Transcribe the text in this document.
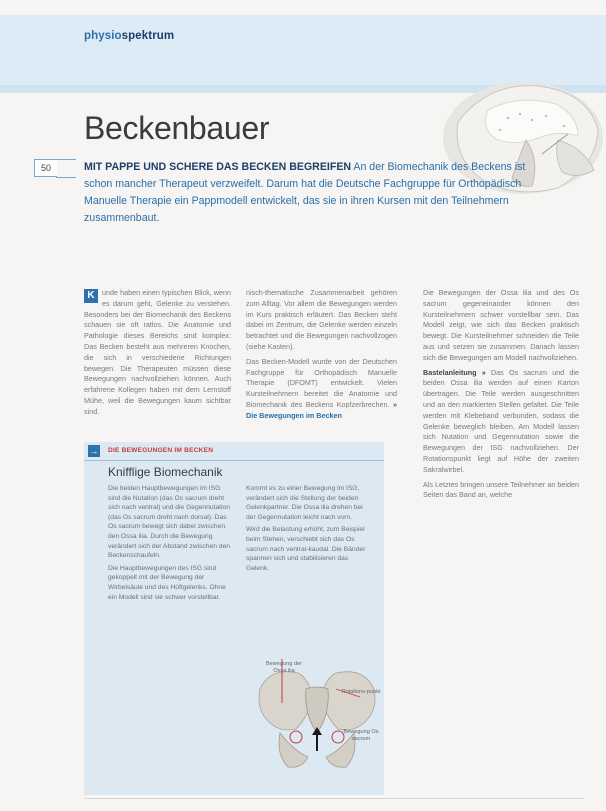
physiospektrum
Beckenbauer
50	MIT PAPPE UND SCHERE DAS BECKEN BEGREIFEN An der Biomechanik des Beckens ist schon mancher Therapeut verzweifelt. Darum hat die Deutsche Fachgruppe für Orthopädisch Manuelle Therapie ein Pappmodell entwickelt, das sie in ihren Kursen mit den Teilnehmern zusammenbaut.
K	unde haben einen typischen Blick, wenn es darum geht, Gelenke zu verstehen. Besonders bei der Biomechanik des Beckens schauen sie oft ratlos. Die Anatomie und Pathologie dieses Bereichs sind komplex: Das Becken besteht aus mehreren Knochen, die sich in verschiedene Richtungen bewegen. Die Therapeuten müssen diese Bewegungen nachvollziehen können. Auch erfahrene Kollegen haben mit dem Lernstoff Mühe, weil die Bewegungen kaum sichtbar sind.

nisch-thematische Zusammenarbeit gehören zum Alltag. Vor allem die Bewegungen werden im Kurs praktisch erläutert. Das Becken steht dabei im Zentrum, die Gelenke werden einzeln betrachtet und die Bewegungen nachvollzogen (siehe Kasten).

Das Becken-Modell wurde von der Deutschen Fachgruppe für Orthopädisch Manuelle Therapie (DFOMT) entwickelt. Vielen Kursteilnehmern bereitet die Anatomie und Biomechanik des Beckens Kopfzerbrechen. » Die Bewegungen im Becken

Die Bewegungen der Ossa ilia und des Os sacrum gegeneinander können den Kursteilnehmern schwer vorstellbar sein. Das Modell zeigt, wie sich das Becken praktisch bewegt. Die Kursteilnehmer schneiden die Teile aus und setzen sie zusammen. Danach lassen sich die Bewegungen am Modell nachvollziehen.

Bastelanleitung » Das Os sacrum und die beiden Ossa ilia werden auf einen Karton übertragen. Die Teile werden ausgeschnitten und an den markierten Stellen gefaltet. Die Teile werden mit Klebeband verbunden, sodass die Gelenke beweglich bleiben. Am Modell lassen sich Nutation und Gegennutation sowie die Bewegungen der ISG nachvollziehen. Der Rotationspunkt liegt auf Höhe der zweiten Sakralwirbel.

Als Letztes bringen unsere Teilnehmer an beiden Seiten das Band an, welche

→ DIE BEWEGUNGEN IM BECKEN
Knifflige Biomechanik

Die beiden Hauptbewegungen im ISG sind die Nutation (das Os sacrum dreht sich nach ventral) und die Gegennutation (das Os sacrum dreht nach dorsal). Das Os sacrum bewegt sich dabei zwischen den Ossa ilia. Durch die Bewegung verändert sich der Abstand zwischen den Beckenschaufeln.

Die Hauptbewegungen des ISG sind gekoppelt mit der Bewegung der Wirbelsäule und des Hüftgelenks. Ohne ein Modell sind sie schwer vorstellbar.

Kommt es zu einer Bewegung im ISG, verändert sich die Stellung der beiden Gelenkpartner. Die Ossa ilia drehen bei der Gegennutation leicht nach vorn.

Wird die Belastung erhöht, zum Beispiel beim Stehen, verschiebt sich das Os sacrum nach ventral-kaudal. Die Bänder spannen sich und stabilisieren das Gelenk.

Bewegung der Ossa ilia
Rotations-punkt
Bewegung Os sacrum
